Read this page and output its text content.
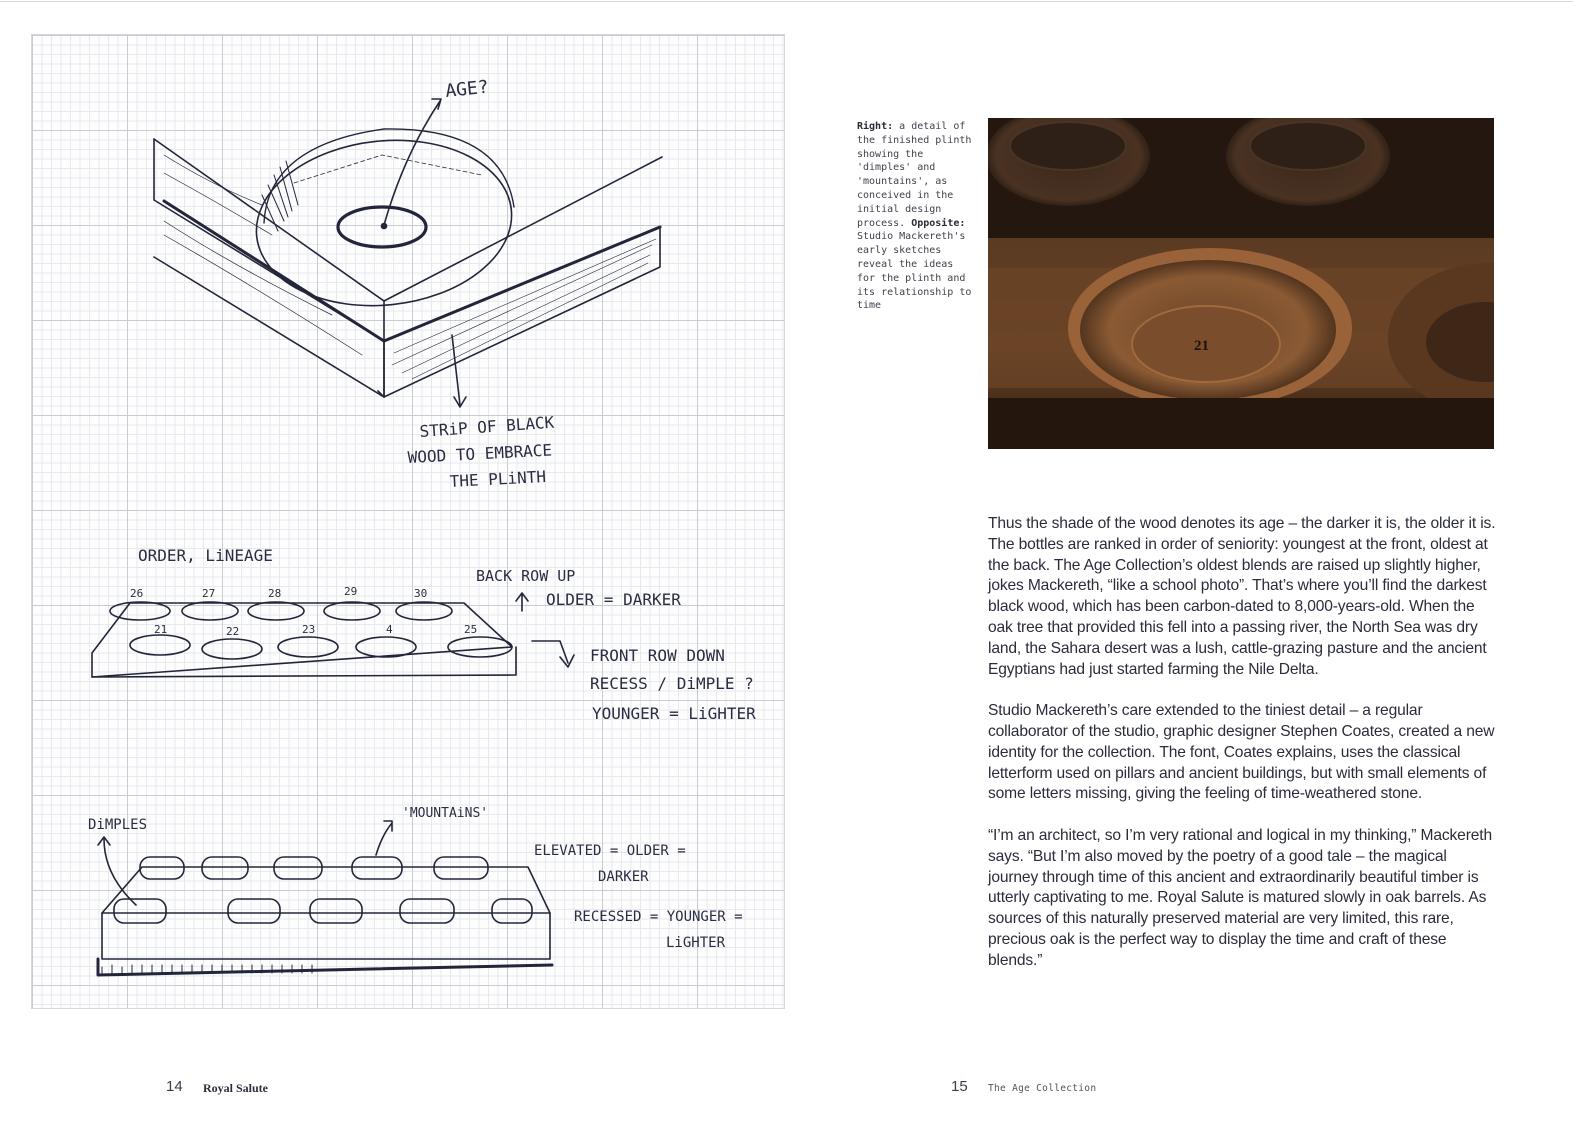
AGE?
STRiP OF BLACK
WOOD TO EMBRACE
THE PLiNTH
ORDER, LiNEAGE
BACK ROW UP
OLDER = DARKER
FRONT ROW DOWN
RECESS / DiMPLE ?
YOUNGER = LiGHTER
DiMPLES
'MOUNTAiNS'
ELEVATED = OLDER =
DARKER
RECESSED = YOUNGER =
LiGHTER
26	27	28	29	30
21	22	23	4	25
Right: a detail of the finished plinth showing the 'dimples' and 'mountains', as conceived in the initial design process. Opposite: Studio Mackereth's early sketches reveal the ideas for the plinth and its relationship to time
21

Thus the shade of the wood denotes its age – the darker it is, the older it is. The bottles are ranked in order of seniority: youngest at the front, oldest at the back. The Age Collection’s oldest blends are raised up slightly higher, jokes Mackereth, “like a school photo”. That’s where you’ll find the darkest black wood, which has been carbon-dated to 8,000-years-old. When the oak tree that provided this fell into a passing river, the North Sea was dry land, the Sahara desert was a lush, cattle-grazing pasture and the ancient Egyptians had just started farming the Nile Delta.

Studio Mackereth’s care extended to the tiniest detail – a regular collaborator of the studio, graphic designer Stephen Coates, created a new identity for the collection. The font, Coates explains, uses the classical letterform used on pillars and ancient buildings, but with small elements of some letters missing, giving the feeling of time-weathered stone.

“I’m an architect, so I’m very rational and logical in my thinking,” Mackereth says. “But I’m also moved by the poetry of a good tale – the magical journey through time of this ancient and extraordinarily beautiful timber is utterly captivating to me. Royal Salute is matured slowly in oak barrels. As sources of this naturally preserved material are very limited, this rare, precious oak is the perfect way to display the time and craft of these blends.”

14 Royal Salute	15 The Age Collection
